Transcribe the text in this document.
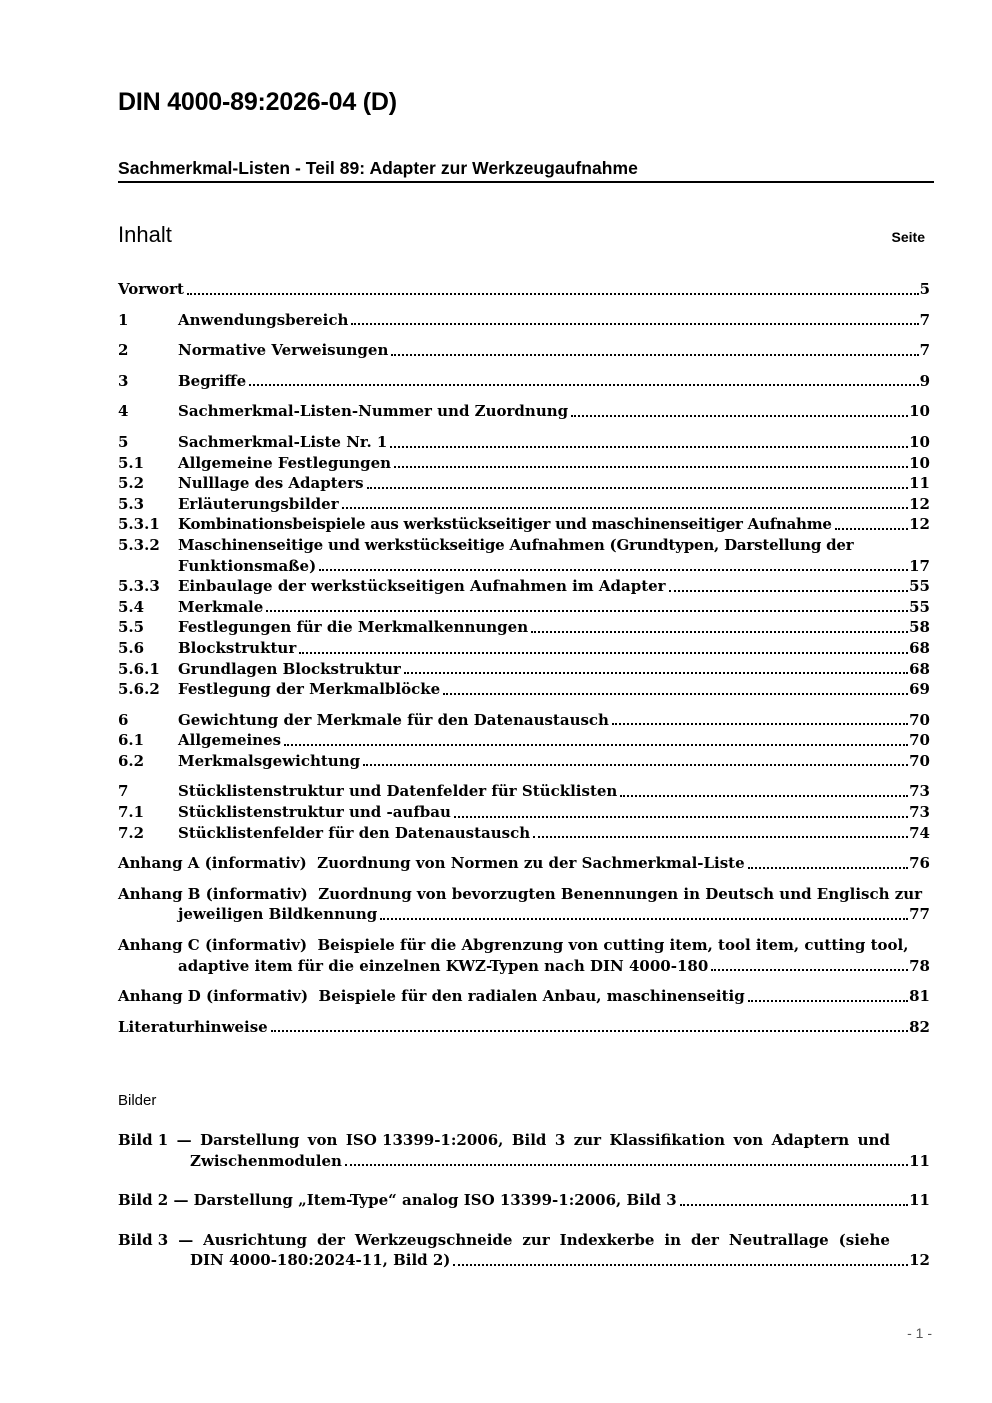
DIN 4000-89:2026-04 (D)
Sachmerkmal-Listen - Teil 89: Adapter zur Werkzeugaufnahme
Inhalt	Seite
Vorwort	5
1	Anwendungsbereich	7
2	Normative Verweisungen	7
3	Begriffe	9
4	Sachmerkmal-Listen-Nummer und Zuordnung	10
5	Sachmerkmal-Liste Nr. 1	10
5.1	Allgemeine Festlegungen	10
5.2	Nulllage des Adapters	11
5.3	Erläuterungsbilder	12
5.3.1	Kombinationsbeispiele aus werkstückseitiger und maschinenseitiger Aufnahme	12
5.3.2	Maschinenseitige und werkstückseitige Aufnahmen (Grundtypen, Darstellung der
Funktionsmaße)	17
5.3.3	Einbaulage der werkstückseitigen Aufnahmen im Adapter	55
5.4	Merkmale	55
5.5	Festlegungen für die Merkmalkennungen	58
5.6	Blockstruktur	68
5.6.1	Grundlagen Blockstruktur	68
5.6.2	Festlegung der Merkmalblöcke	69
6	Gewichtung der Merkmale für den Datenaustausch	70
6.1	Allgemeines	70
6.2	Merkmalsgewichtung	70
7	Stücklistenstruktur und Datenfelder für Stücklisten	73
7.1	Stücklistenstruktur und -aufbau	73
7.2	Stücklistenfelder für den Datenaustausch	74
Anhang A (informativ)  Zuordnung von Normen zu der Sachmerkmal-Liste	76
Anhang B (informativ)  Zuordnung von bevorzugten Benennungen in Deutsch und Englisch zur
jeweiligen Bildkennung	77
Anhang C (informativ)  Beispiele für die Abgrenzung von cutting item, tool item, cutting tool,
adaptive item für die einzelnen KWZ-Typen nach DIN 4000-180	78
Anhang D (informativ)  Beispiele für den radialen Anbau, maschinenseitig	81
Literaturhinweise	82
Bilder
Bild 1 — Darstellung von ISO 13399-1:2006, Bild 3 zur Klassifikation von Adaptern und
Zwischenmodulen	11
Bild 2 — Darstellung „Item-Type“ analog ISO 13399-1:2006, Bild 3	11
Bild 3 — Ausrichtung der Werkzeugschneide zur Indexkerbe in der Neutrallage (siehe
DIN 4000-180:2024-11, Bild 2)	12
- 1 -
